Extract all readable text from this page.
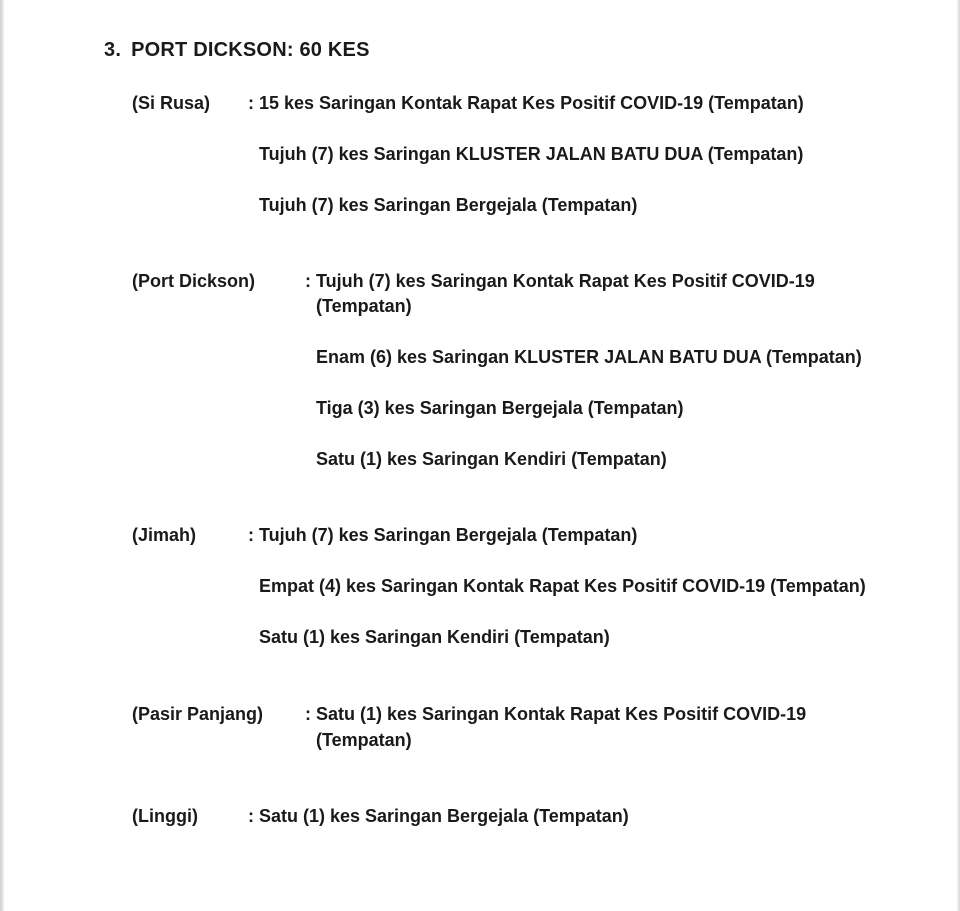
3. PORT DICKSON: 60 KES
(Si Rusa) : 15 kes Saringan Kontak Rapat Kes Positif COVID-19 (Tempatan)
Tujuh (7) kes Saringan KLUSTER JALAN BATU DUA (Tempatan)
Tujuh (7) kes Saringan Bergejala (Tempatan)
(Port Dickson)	: Tujuh (7) kes Saringan Kontak Rapat Kes Positif COVID-19
(Tempatan)
Enam (6) kes Saringan KLUSTER JALAN BATU DUA (Tempatan)
Tiga (3) kes Saringan Bergejala (Tempatan)
Satu (1) kes Saringan Kendiri (Tempatan)
(Jimah)	: Tujuh (7) kes Saringan Bergejala (Tempatan)
Empat (4) kes Saringan Kontak Rapat Kes Positif COVID-19 (Tempatan)
Satu (1) kes Saringan Kendiri (Tempatan)
(Pasir Panjang) : Satu (1) kes Saringan Kontak Rapat Kes Positif COVID-19
(Tempatan)
(Linggi)	: Satu (1) kes Saringan Bergejala (Tempatan)
